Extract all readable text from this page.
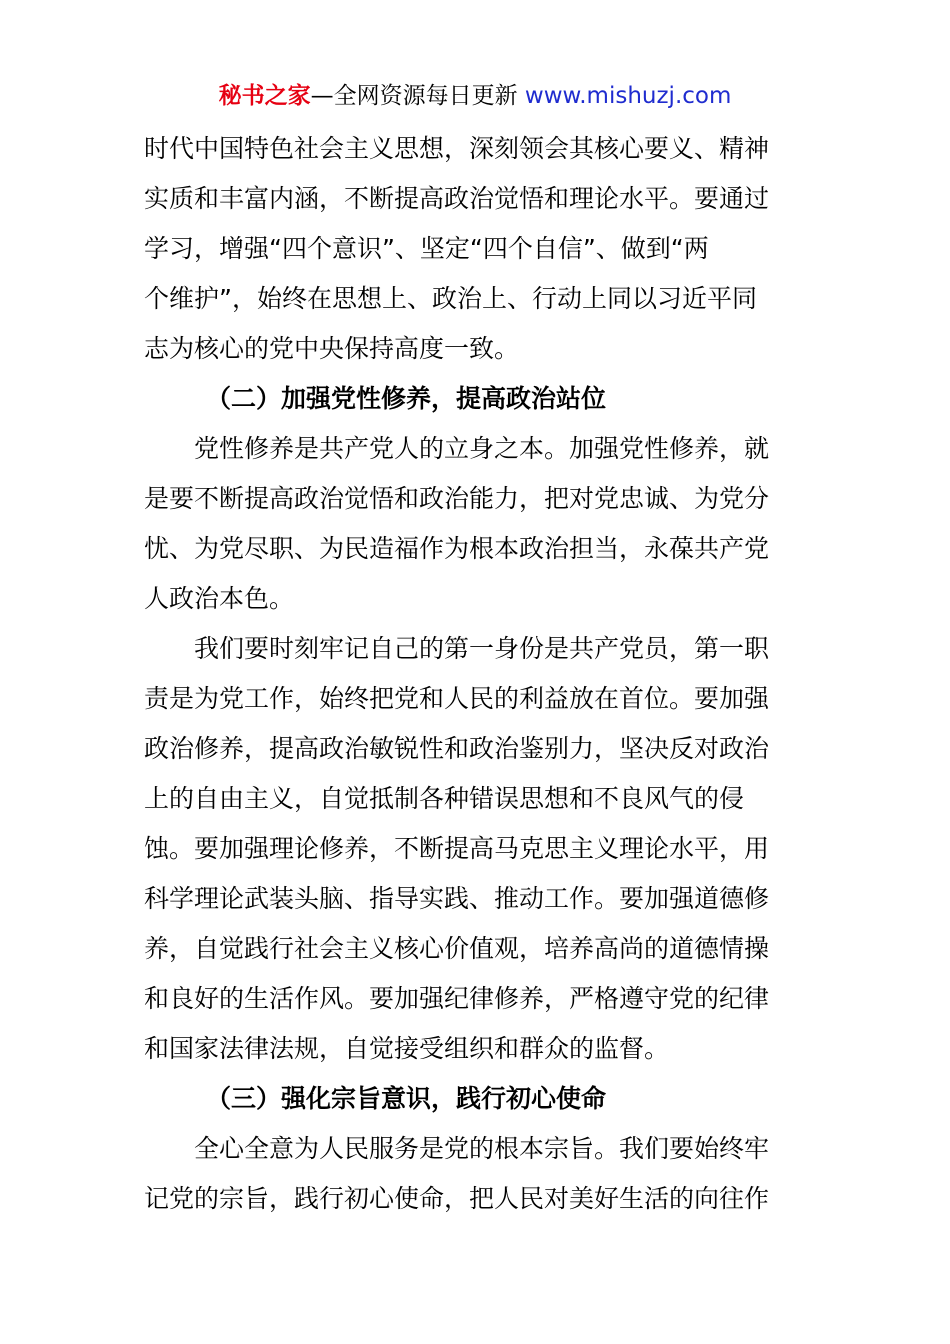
秘书之家—全网资源每日更新 www.mishuzj.com
时代中国特色社会主义思想，深刻领会其核心要义、精神
实质和丰富内涵，不断提高政治觉悟和理论水平。要通过
学习，增强“四个意识”、坚定“四个自信”、做到“两
个维护”，始终在思想上、政治上、行动上同以习近平同
志为核心的党中央保持高度一致。
（二）加强党性修养，提高政治站位
党性修养是共产党人的立身之本。加强党性修养，就
是要不断提高政治觉悟和政治能力，把对党忠诚、为党分
忧、为党尽职、为民造福作为根本政治担当，永葆共产党
人政治本色。
我们要时刻牢记自己的第一身份是共产党员，第一职
责是为党工作，始终把党和人民的利益放在首位。要加强
政治修养，提高政治敏锐性和政治鉴别力，坚决反对政治
上的自由主义，自觉抵制各种错误思想和不良风气的侵
蚀。要加强理论修养，不断提高马克思主义理论水平，用
科学理论武装头脑、指导实践、推动工作。要加强道德修
养，自觉践行社会主义核心价值观，培养高尚的道德情操
和良好的生活作风。要加强纪律修养，严格遵守党的纪律
和国家法律法规，自觉接受组织和群众的监督。
（三）强化宗旨意识，践行初心使命
全心全意为人民服务是党的根本宗旨。我们要始终牢
记党的宗旨，践行初心使命，把人民对美好生活的向往作
